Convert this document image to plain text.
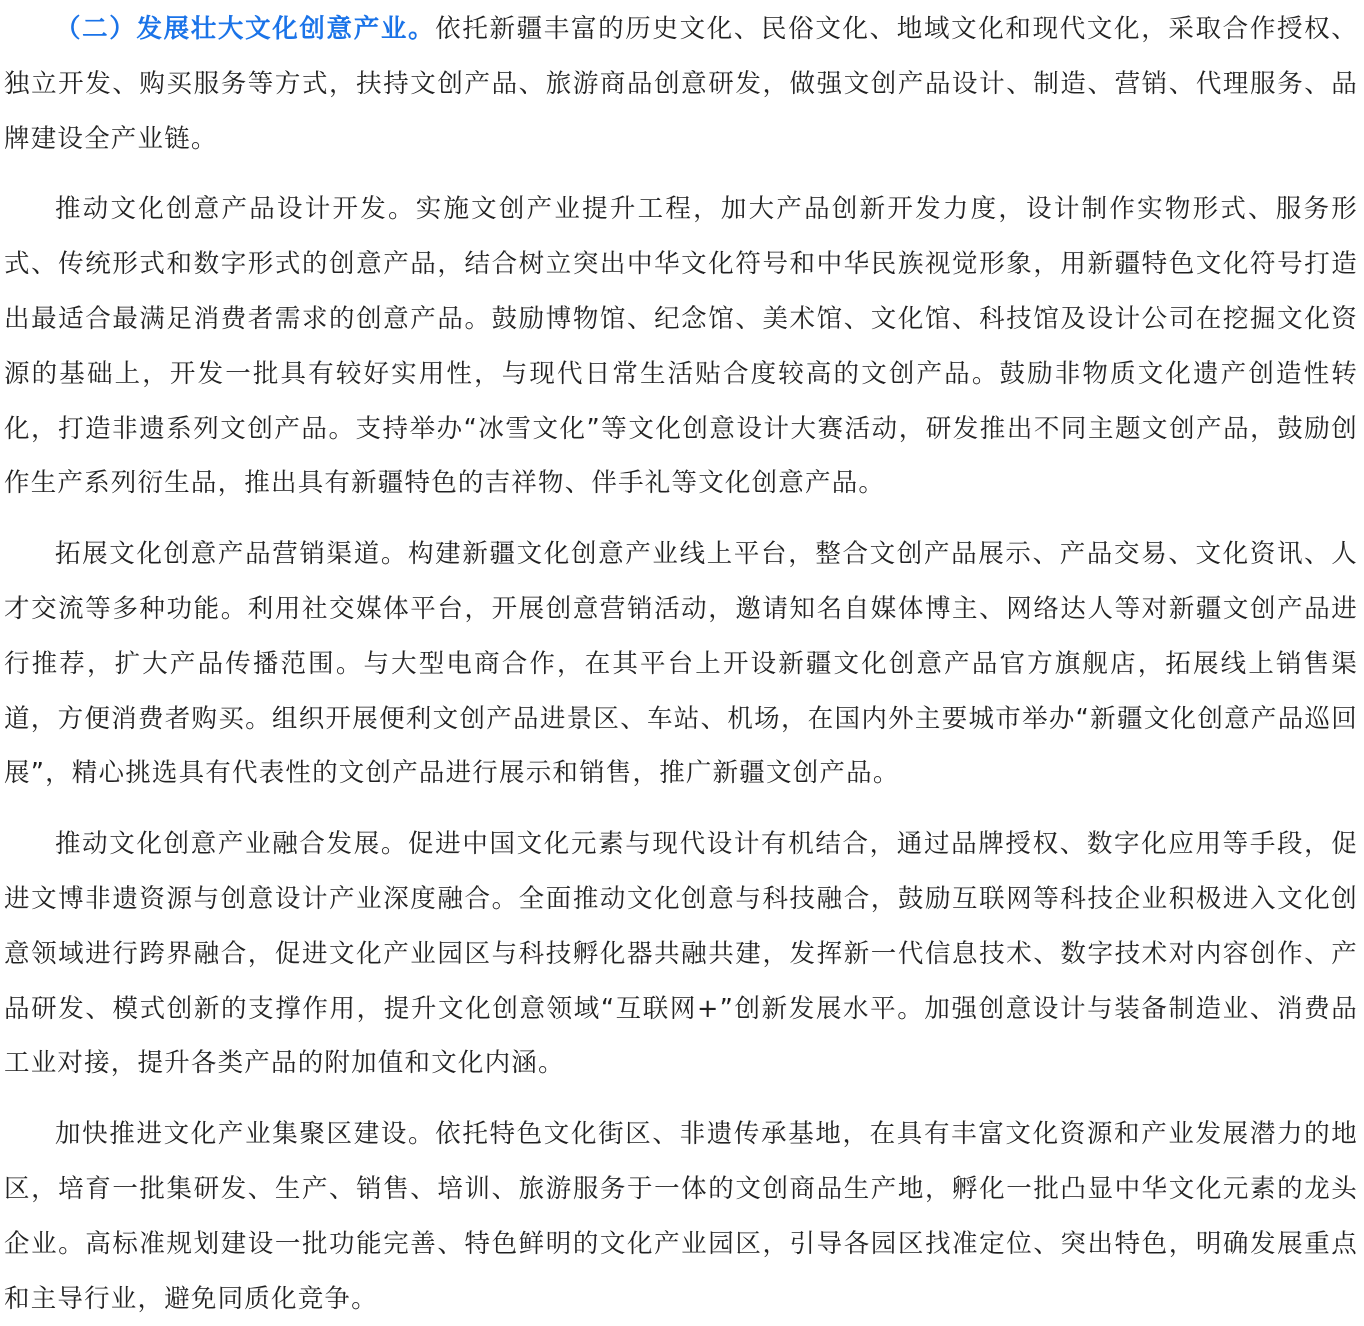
（二）发展壮大文化创意产业。依托新疆丰富的历史文化、民俗文化、地域文化和现代文化，采取合作授权、独立开发、购买服务等方式，扶持文创产品、旅游商品创意研发，做强文创产品设计、制造、营销、代理服务、品牌建设全产业链。

推动文化创意产品设计开发。实施文创产业提升工程，加大产品创新开发力度，设计制作实物形式、服务形式、传统形式和数字形式的创意产品，结合树立突出中华文化符号和中华民族视觉形象，用新疆特色文化符号打造出最适合最满足消费者需求的创意产品。鼓励博物馆、纪念馆、美术馆、文化馆、科技馆及设计公司在挖掘文化资源的基础上，开发一批具有较好实用性，与现代日常生活贴合度较高的文创产品。鼓励非物质文化遗产创造性转化，打造非遗系列文创产品。支持举办“冰雪文化”等文化创意设计大赛活动，研发推出不同主题文创产品，鼓励创作生产系列衍生品，推出具有新疆特色的吉祥物、伴手礼等文化创意产品。

拓展文化创意产品营销渠道。构建新疆文化创意产业线上平台，整合文创产品展示、产品交易、文化资讯、人才交流等多种功能。利用社交媒体平台，开展创意营销活动，邀请知名自媒体博主、网络达人等对新疆文创产品进行推荐，扩大产品传播范围。与大型电商合作，在其平台上开设新疆文化创意产品官方旗舰店，拓展线上销售渠道，方便消费者购买。组织开展便利文创产品进景区、车站、机场，在国内外主要城市举办“新疆文化创意产品巡回展”，精心挑选具有代表性的文创产品进行展示和销售，推广新疆文创产品。

推动文化创意产业融合发展。促进中国文化元素与现代设计有机结合，通过品牌授权、数字化应用等手段，促进文博非遗资源与创意设计产业深度融合。全面推动文化创意与科技融合，鼓励互联网等科技企业积极进入文化创意领域进行跨界融合，促进文化产业园区与科技孵化器共融共建，发挥新一代信息技术、数字技术对内容创作、产品研发、模式创新的支撑作用，提升文化创意领域“互联网+”创新发展水平。加强创意设计与装备制造业、消费品工业对接，提升各类产品的附加值和文化内涵。

加快推进文化产业集聚区建设。依托特色文化街区、非遗传承基地，在具有丰富文化资源和产业发展潜力的地区，培育一批集研发、生产、销售、培训、旅游服务于一体的文创商品生产地，孵化一批凸显中华文化元素的龙头企业。高标准规划建设一批功能完善、特色鲜明的文化产业园区，引导各园区找准定位、突出特色，明确发展重点和主导行业，避免同质化竞争。
